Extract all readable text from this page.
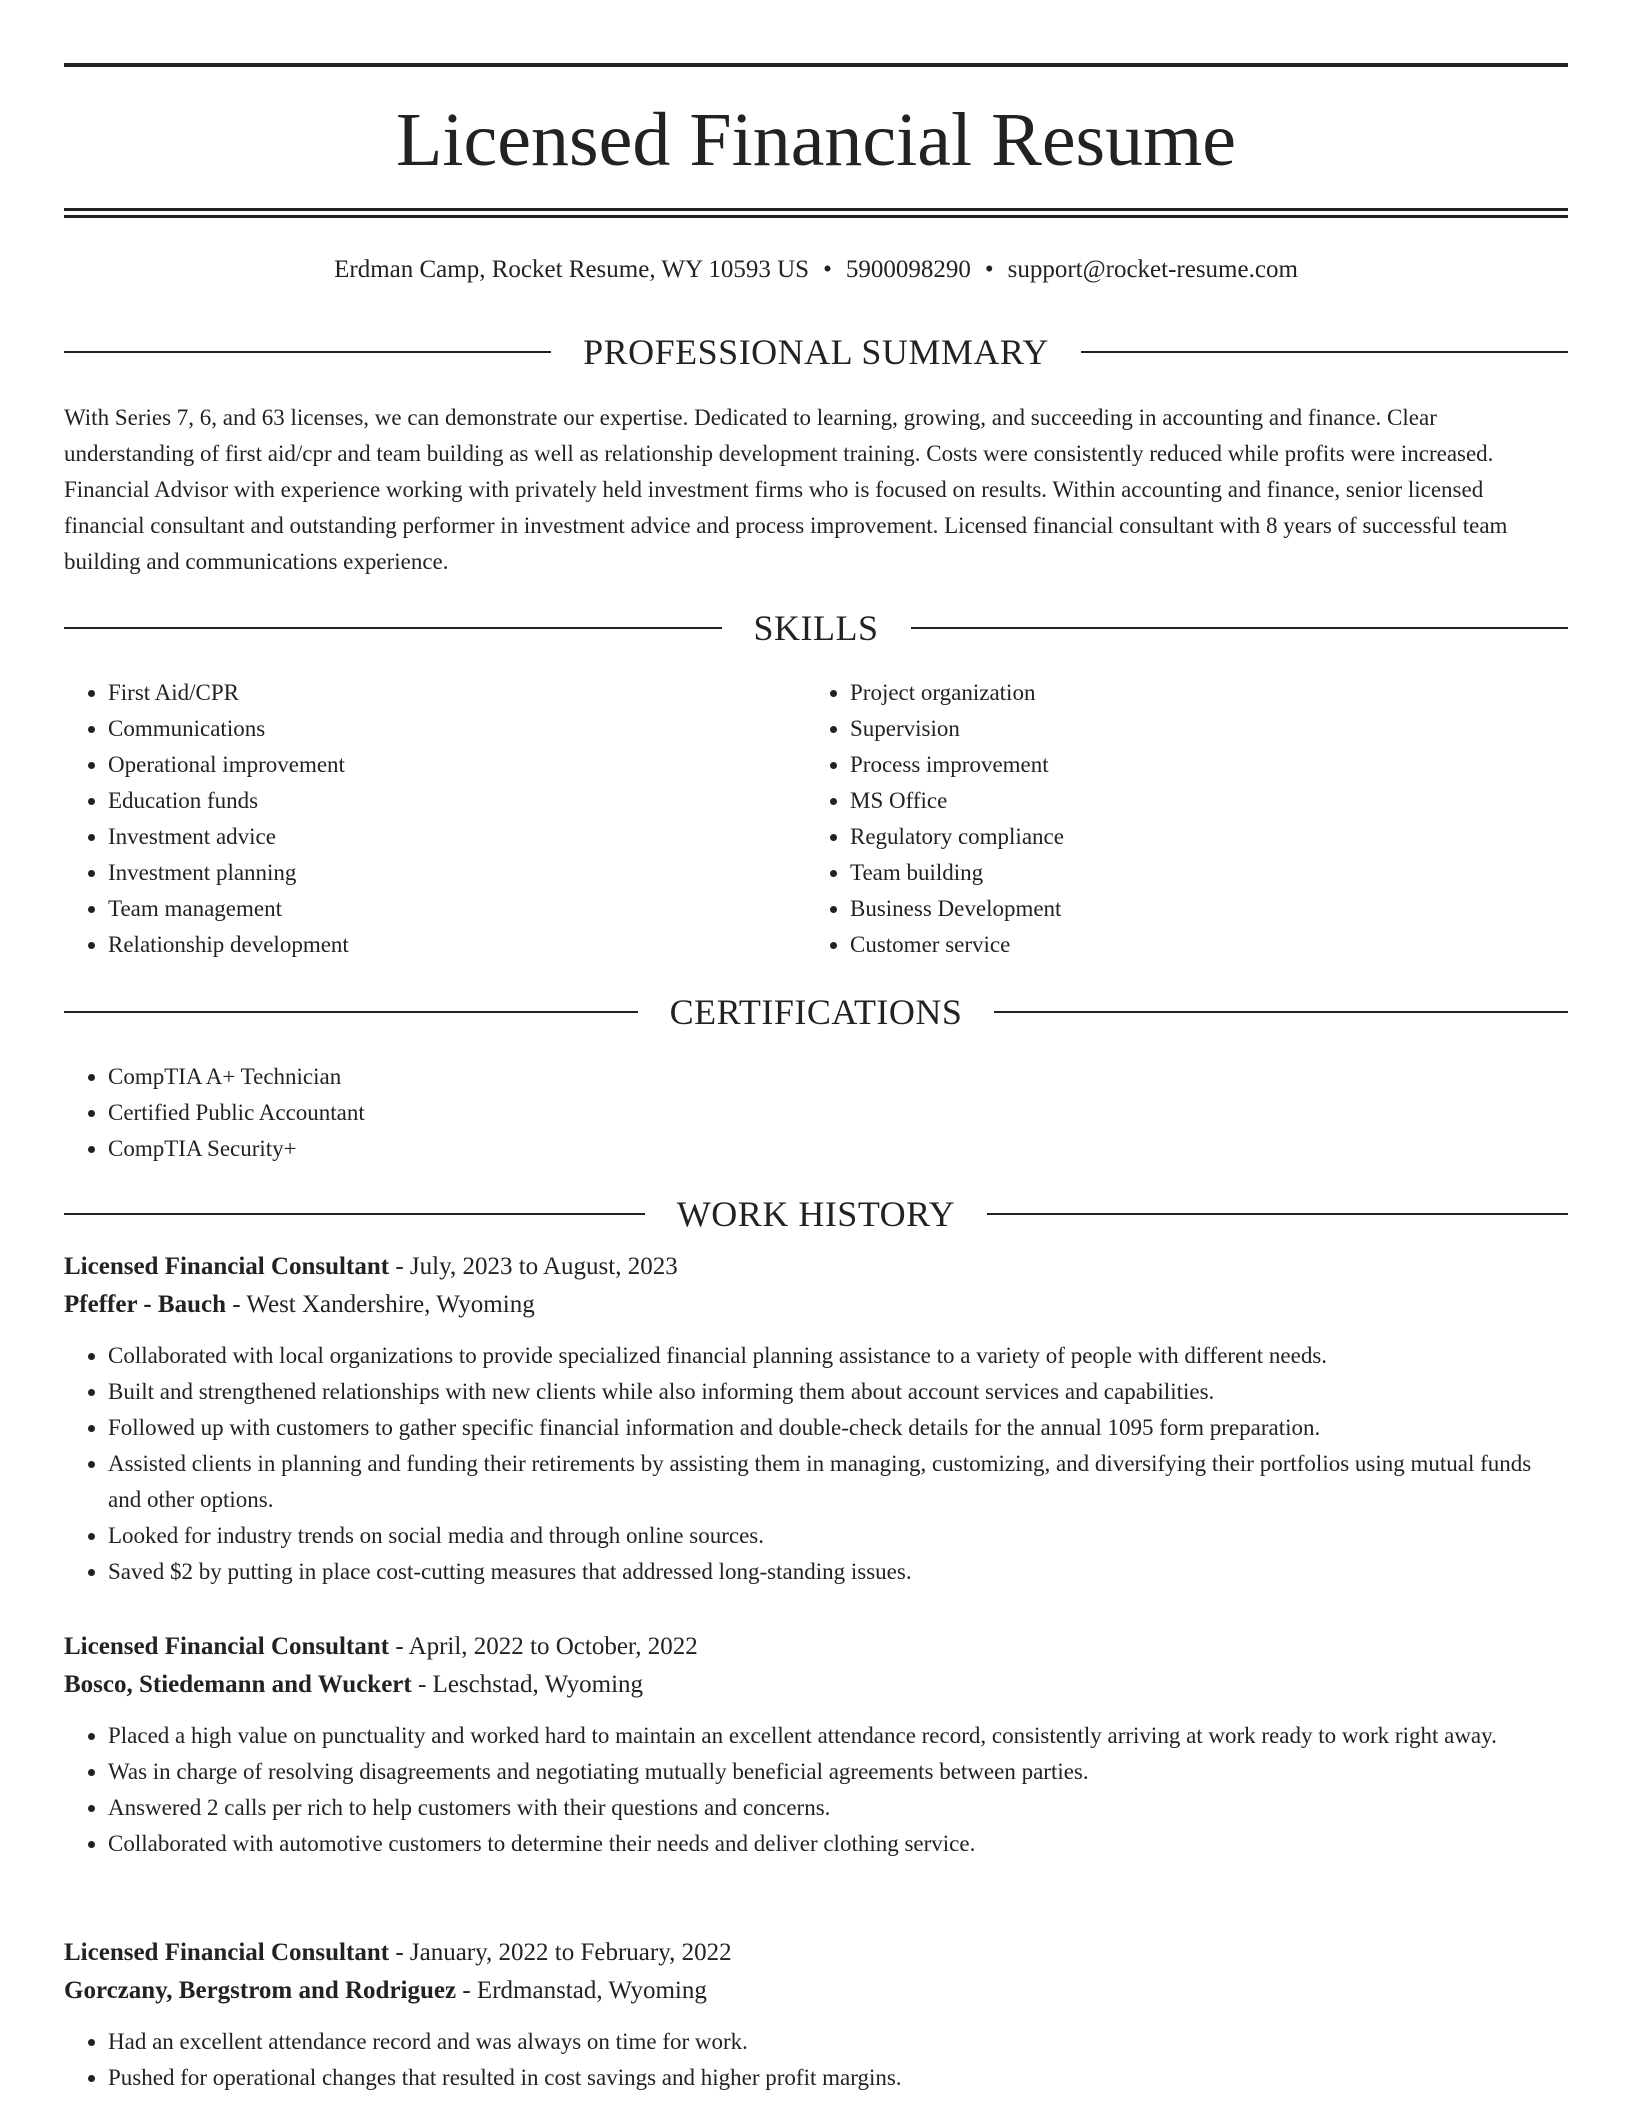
Licensed Financial Resume
Erdman Camp, Rocket Resume, WY 10593 US • 5900098290 • support@rocket-resume.com
PROFESSIONAL SUMMARY

With Series 7, 6, and 63 licenses, we can demonstrate our expertise. Dedicated to learning, growing, and succeeding in accounting and finance. Clear understanding of first aid/cpr and team building as well as relationship development training. Costs were consistently reduced while profits were increased. Financial Advisor with experience working with privately held investment firms who is focused on results. Within accounting and finance, senior licensed financial consultant and outstanding performer in investment advice and process improvement. Licensed financial consultant with 8 years of successful team building and communications experience.

SKILLS
• First Aid/CPR
• Communications
• Operational improvement
• Education funds
• Investment advice
• Investment planning
• Team management
• Relationship development
• Project organization
• Supervision
• Process improvement
• MS Office
• Regulatory compliance
• Team building
• Business Development
• Customer service
CERTIFICATIONS
• CompTIA A+ Technician
• Certified Public Accountant
• CompTIA Security+
WORK HISTORY
Licensed Financial Consultant - July, 2023 to August, 2023
Pfeffer - Bauch - West Xandershire, Wyoming
• Collaborated with local organizations to provide specialized financial planning assistance to a variety of people with different needs.
• Built and strengthened relationships with new clients while also informing them about account services and capabilities.
• Followed up with customers to gather specific financial information and double-check details for the annual 1095 form preparation.
• Assisted clients in planning and funding their retirements by assisting them in managing, customizing, and diversifying their portfolios using mutual funds and other options.
• Looked for industry trends on social media and through online sources.
• Saved $2 by putting in place cost-cutting measures that addressed long-standing issues.
Licensed Financial Consultant - April, 2022 to October, 2022
Bosco, Stiedemann and Wuckert - Leschstad, Wyoming
• Placed a high value on punctuality and worked hard to maintain an excellent attendance record, consistently arriving at work ready to work right away.
• Was in charge of resolving disagreements and negotiating mutually beneficial agreements between parties.
• Answered 2 calls per rich to help customers with their questions and concerns.
• Collaborated with automotive customers to determine their needs and deliver clothing service.
Licensed Financial Consultant - January, 2022 to February, 2022
Gorczany, Bergstrom and Rodriguez - Erdmanstad, Wyoming
• Had an excellent attendance record and was always on time for work.
• Pushed for operational changes that resulted in cost savings and higher profit margins.
